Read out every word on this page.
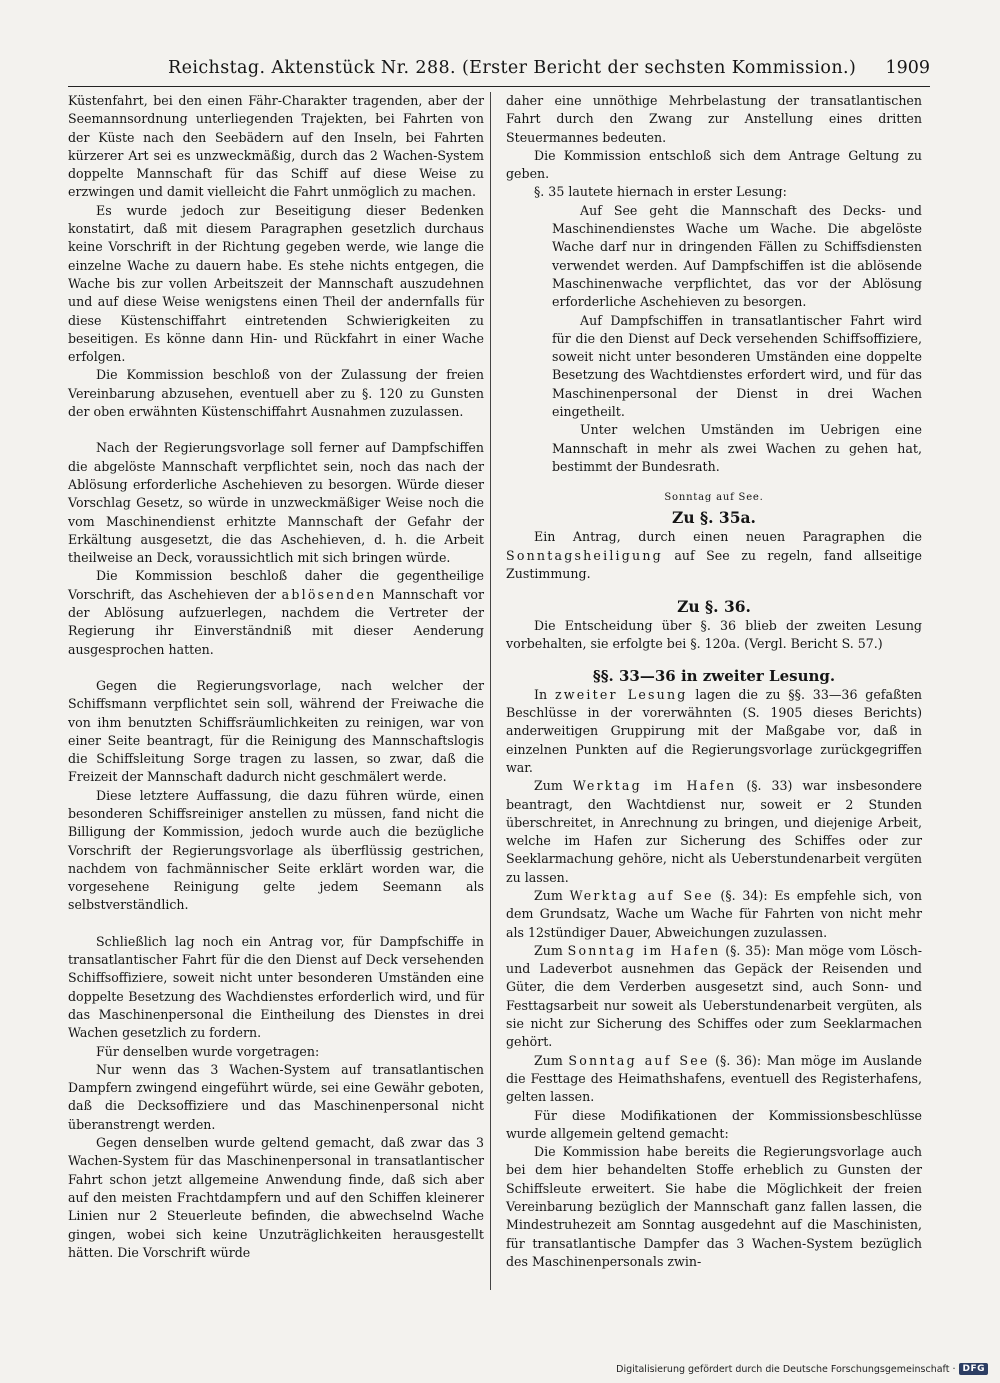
Reichstag. Aktenstück Nr. 288. (Erster Bericht der sechsten Kommission.) 1909

Küstenfahrt, bei den einen Fähr-Charakter tragenden, aber der Seemannsordnung unterliegenden Trajekten, bei Fahrten von der Küste nach den Seebädern auf den Inseln, bei Fahrten kürzerer Art sei es unzweckmäßig, durch das 2 Wachen-System doppelte Mannschaft für das Schiff auf diese Weise zu erzwingen und damit vielleicht die Fahrt unmöglich zu machen.

Es wurde jedoch zur Beseitigung dieser Bedenken konstatirt, daß mit diesem Paragraphen gesetzlich durchaus keine Vorschrift in der Richtung gegeben werde, wie lange die einzelne Wache zu dauern habe. Es stehe nichts entgegen, die Wache bis zur vollen Arbeitszeit der Mannschaft auszudehnen und auf diese Weise wenigstens einen Theil der andernfalls für diese Küstenschiffahrt eintretenden Schwierigkeiten zu beseitigen. Es könne dann Hin- und Rückfahrt in einer Wache erfolgen.

Die Kommission beschloß von der Zulassung der freien Vereinbarung abzusehen, eventuell aber zu §. 120 zu Gunsten der oben erwähnten Küstenschiffahrt Ausnahmen zuzulassen.

Nach der Regierungsvorlage soll ferner auf Dampfschiffen die abgelöste Mannschaft verpflichtet sein, noch das nach der Ablösung erforderliche Aschehieven zu besorgen. Würde dieser Vorschlag Gesetz, so würde in unzweckmäßiger Weise noch die vom Maschinendienst erhitzte Mannschaft der Gefahr der Erkältung ausgesetzt, die das Aschehieven, d. h. die Arbeit theilweise an Deck, voraussichtlich mit sich bringen würde.

Die Kommission beschloß daher die gegentheilige Vorschrift, das Aschehieven der ablösenden Mannschaft vor der Ablösung aufzuerlegen, nachdem die Vertreter der Regierung ihr Einverständniß mit dieser Aenderung ausgesprochen hatten.

Gegen die Regierungsvorlage, nach welcher der Schiffsmann verpflichtet sein soll, während der Freiwache die von ihm benutzten Schiffsräumlichkeiten zu reinigen, war von einer Seite beantragt, für die Reinigung des Mannschaftslogis die Schiffsleitung Sorge tragen zu lassen, so zwar, daß die Freizeit der Mannschaft dadurch nicht geschmälert werde.

Diese letztere Auffassung, die dazu führen würde, einen besonderen Schiffsreiniger anstellen zu müssen, fand nicht die Billigung der Kommission, jedoch wurde auch die bezügliche Vorschrift der Regierungsvorlage als überflüssig gestrichen, nachdem von fachmännischer Seite erklärt worden war, die vorgesehene Reinigung gelte jedem Seemann als selbstverständlich.

Schließlich lag noch ein Antrag vor, für Dampfschiffe in transatlantischer Fahrt für die den Dienst auf Deck versehenden Schiffsoffiziere, soweit nicht unter besonderen Umständen eine doppelte Besetzung des Wachdienstes erforderlich wird, und für das Maschinenpersonal die Eintheilung des Dienstes in drei Wachen gesetzlich zu fordern.

Für denselben wurde vorgetragen:

Nur wenn das 3 Wachen-System auf transatlantischen Dampfern zwingend eingeführt würde, sei eine Gewähr geboten, daß die Decksoffiziere und das Maschinenpersonal nicht überanstrengt werden.

Gegen denselben wurde geltend gemacht, daß zwar das 3 Wachen-System für das Maschinenpersonal in transatlantischer Fahrt schon jetzt allgemeine Anwendung finde, daß sich aber auf den meisten Frachtdampfern und auf den Schiffen kleinerer Linien nur 2 Steuerleute befinden, die abwechselnd Wache gingen, wobei sich keine Unzuträglichkeiten herausgestellt hätten. Die Vorschrift würde

daher eine unnöthige Mehrbelastung der transatlantischen Fahrt durch den Zwang zur Anstellung eines dritten Steuermannes bedeuten.

Die Kommission entschloß sich dem Antrage Geltung zu geben.

§. 35 lautete hiernach in erster Lesung:

Auf See geht die Mannschaft des Decks- und Maschinendienstes Wache um Wache. Die abgelöste Wache darf nur in dringenden Fällen zu Schiffsdiensten verwendet werden. Auf Dampfschiffen ist die ablösende Maschinenwache verpflichtet, das vor der Ablösung erforderliche Aschehieven zu besorgen.

Auf Dampfschiffen in transatlantischer Fahrt wird für die den Dienst auf Deck versehenden Schiffsoffiziere, soweit nicht unter besonderen Umständen eine doppelte Besetzung des Wachtdienstes erfordert wird, und für das Maschinenpersonal der Dienst in drei Wachen eingetheilt.

Unter welchen Umständen im Uebrigen eine Mannschaft in mehr als zwei Wachen zu gehen hat, bestimmt der Bundesrath.

Sonntag auf See.
Zu §. 35a.

Ein Antrag, durch einen neuen Paragraphen die Sonntagsheiligung auf See zu regeln, fand allseitige Zustimmung.

Zu §. 36.

Die Entscheidung über §. 36 blieb der zweiten Lesung vorbehalten, sie erfolgte bei §. 120a. (Vergl. Bericht S. 57.)

§§. 33—36 in zweiter Lesung.

In zweiter Lesung lagen die zu §§. 33—36 gefaßten Beschlüsse in der vorerwähnten (S. 1905 dieses Berichts) anderweitigen Gruppirung mit der Maßgabe vor, daß in einzelnen Punkten auf die Regierungsvorlage zurückgegriffen war.

Zum Werktag im Hafen (§. 33) war insbesondere beantragt, den Wachtdienst nur, soweit er 2 Stunden überschreitet, in Anrechnung zu bringen, und diejenige Arbeit, welche im Hafen zur Sicherung des Schiffes oder zur Seeklarmachung gehöre, nicht als Ueberstundenarbeit vergüten zu lassen.

Zum Werktag auf See (§. 34): Es empfehle sich, von dem Grundsatz, Wache um Wache für Fahrten von nicht mehr als 12stündiger Dauer, Abweichungen zuzulassen.

Zum Sonntag im Hafen (§. 35): Man möge vom Lösch- und Ladeverbot ausnehmen das Gepäck der Reisenden und Güter, die dem Verderben ausgesetzt sind, auch Sonn- und Festtagsarbeit nur soweit als Ueberstundenarbeit vergüten, als sie nicht zur Sicherung des Schiffes oder zum Seeklarmachen gehört.

Zum Sonntag auf See (§. 36): Man möge im Auslande die Festtage des Heimathshafens, eventuell des Registerhafens, gelten lassen.

Für diese Modifikationen der Kommissionsbeschlüsse wurde allgemein geltend gemacht:

Die Kommission habe bereits die Regierungsvorlage auch bei dem hier behandelten Stoffe erheblich zu Gunsten der Schiffsleute erweitert. Sie habe die Möglichkeit der freien Vereinbarung bezüglich der Mannschaft ganz fallen lassen, die Mindestruhezeit am Sonntag ausgedehnt auf die Maschinisten, für transatlantische Dampfer das 3 Wachen-System bezüglich des Maschinenpersonals zwin-

Digitalisierung gefördert durch die Deutsche Forschungsgemeinschaft · DFG
